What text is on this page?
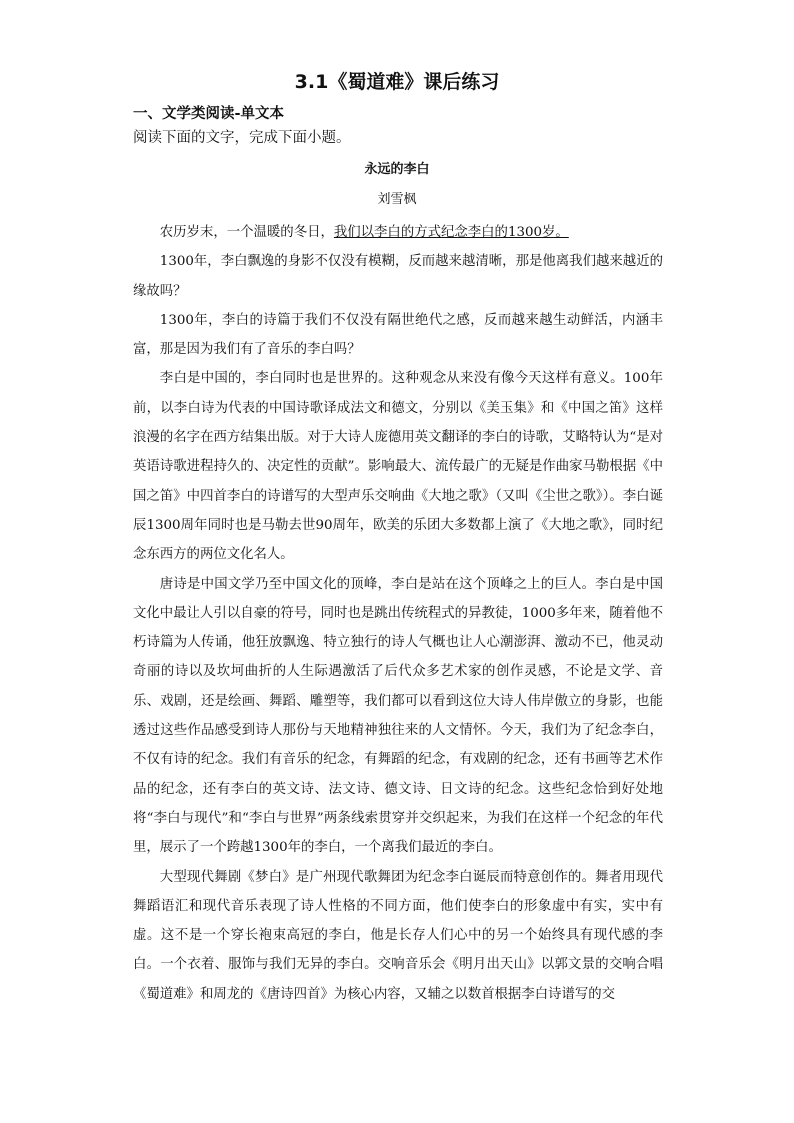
3.1《蜀道难》课后练习
一、文学类阅读-单文本
阅读下面的文字，完成下面小题。
永远的李白
刘雪枫

农历岁末，一个温暖的冬日，我们以李白的方式纪念李白的1300岁。

1300年，李白飘逸的身影不仅没有模糊，反而越来越清晰，那是他离我们越来越近的缘故吗？

1300年，李白的诗篇于我们不仅没有隔世绝代之感，反而越来越生动鲜活，内涵丰富，那是因为我们有了音乐的李白吗？

李白是中国的，李白同时也是世界的。这种观念从来没有像今天这样有意义。100年前，以李白诗为代表的中国诗歌译成法文和德文，分别以《美玉集》和《中国之笛》这样浪漫的名字在西方结集出版。对于大诗人庞德用英文翻译的李白的诗歌，艾略特认为“是对英语诗歌进程持久的、决定性的贡献”。影响最大、流传最广的无疑是作曲家马勒根据《中国之笛》中四首李白的诗谱写的大型声乐交响曲《大地之歌》（又叫《尘世之歌》）。李白诞辰1300周年同时也是马勒去世90周年，欧美的乐团大多数都上演了《大地之歌》，同时纪念东西方的两位文化名人。

唐诗是中国文学乃至中国文化的顶峰，李白是站在这个顶峰之上的巨人。李白是中国文化中最让人引以自豪的符号，同时也是跳出传统程式的异教徒，1000多年来，随着他不朽诗篇为人传诵，他狂放飘逸、特立独行的诗人气概也让人心潮澎湃、激动不已，他灵动奇丽的诗以及坎坷曲折的人生际遇激活了后代众多艺术家的创作灵感，不论是文学、音乐、戏剧，还是绘画、舞蹈、雕塑等，我们都可以看到这位大诗人伟岸傲立的身影，也能透过这些作品感受到诗人那份与天地精神独往来的人文情怀。今天，我们为了纪念李白，不仅有诗的纪念。我们有音乐的纪念，有舞蹈的纪念，有戏剧的纪念，还有书画等艺术作品的纪念，还有李白的英文诗、法文诗、德文诗、日文诗的纪念。这些纪念恰到好处地将“李白与现代”和“李白与世界”两条线索贯穿并交织起来，为我们在这样一个纪念的年代里，展示了一个跨越1300年的李白，一个离我们最近的李白。

大型现代舞剧《梦白》是广州现代歌舞团为纪念李白诞辰而特意创作的。舞者用现代舞蹈语汇和现代音乐表现了诗人性格的不同方面，他们使李白的形象虚中有实，实中有虚。这不是一个穿长袍束高冠的李白，他是长存人们心中的另一个始终具有现代感的李白。一个衣着、服饰与我们无异的李白。交响音乐会《明月出天山》以郭文景的交响合唱《蜀道难》和周龙的《唐诗四首》为核心内容，又辅之以数首根据李白诗谱写的交
